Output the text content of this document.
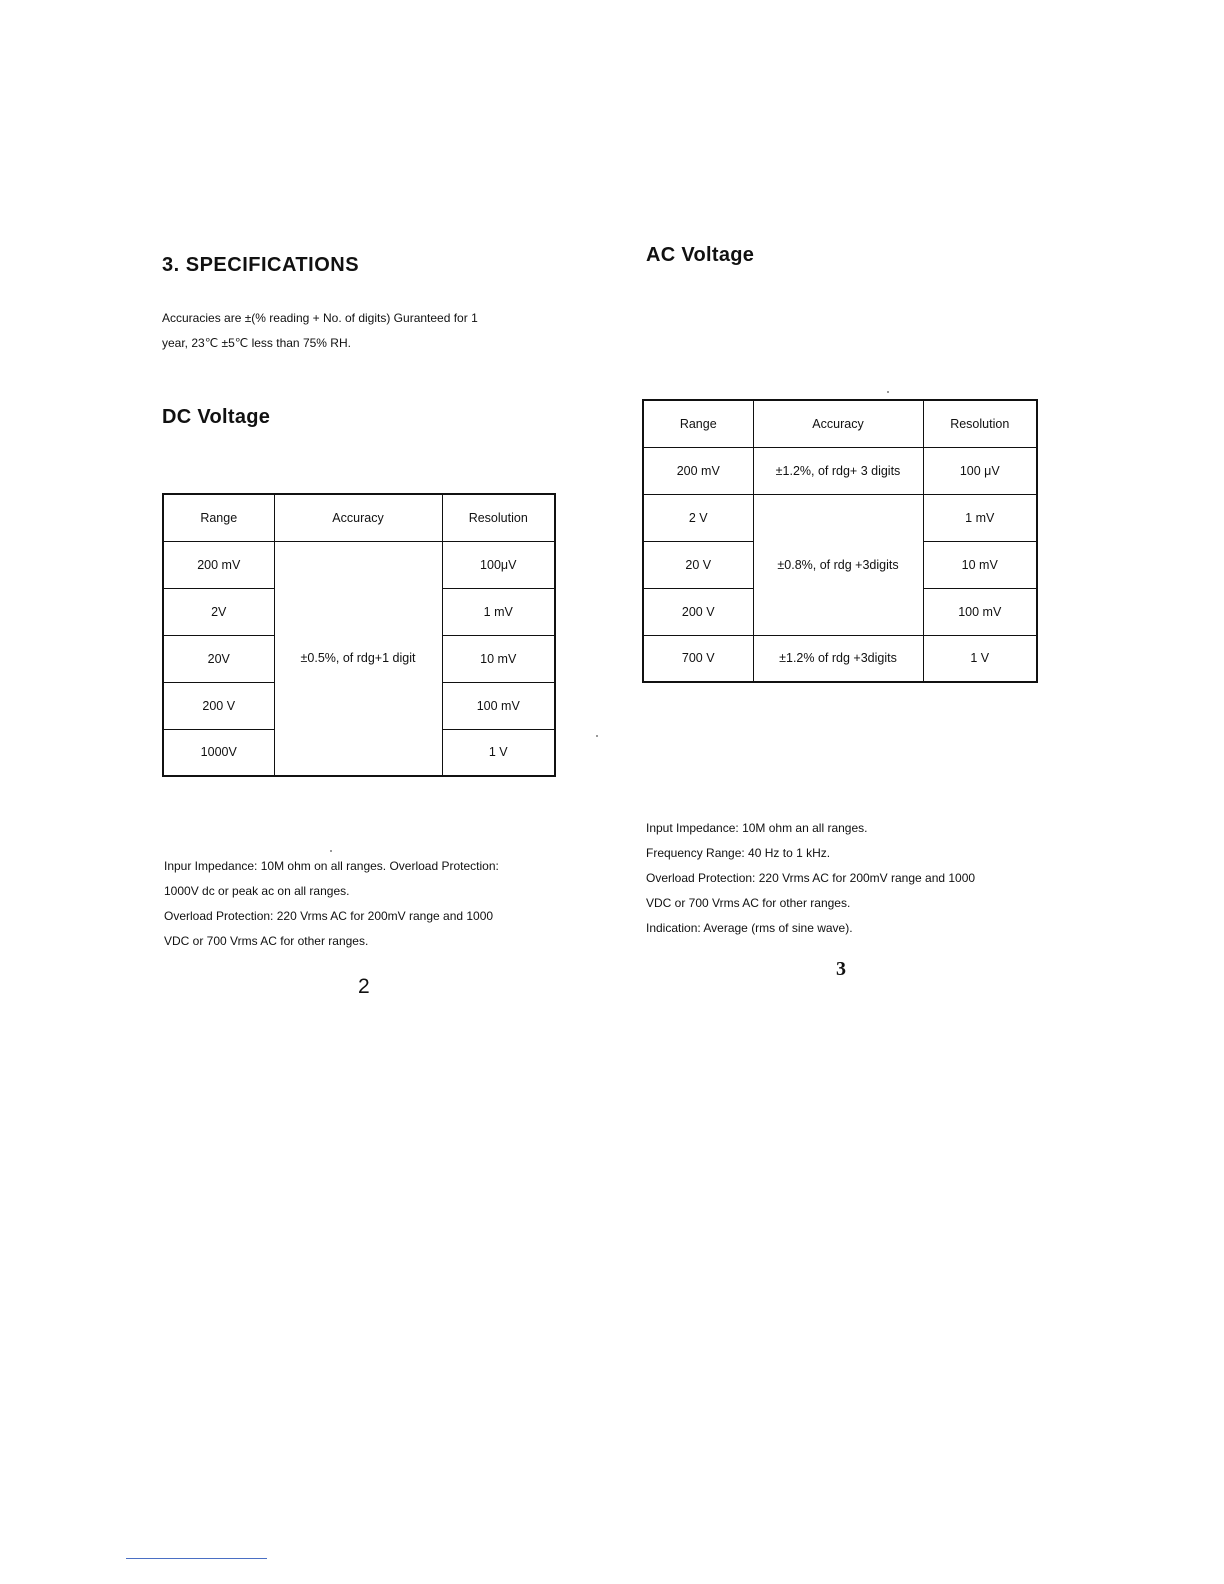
3. SPECIFICATIONS
Accuracies are ±(% reading + No. of digits) Guranteed for 1
year, 23℃ ±5℃ less than 75% RH.
DC Voltage
Range	Accuracy	Resolution
200 mV	±0.5%, of rdg+1 digit	100μV
2V		1 mV
20V		10 mV
200 V		100 mV
1000V		1 V
Inpur Impedance: 10M ohm on all ranges. Overload Protection:
1000V dc or peak ac on all ranges.
Overload Protection: 220 Vrms AC for 200mV range and 1000
VDC or 700 Vrms AC for other ranges.
2
AC Voltage
Range	Accuracy	Resolution
200 mV	±1.2%, of rdg+ 3 digits	100 μV
2 V	±0.8%, of rdg +3digits	1 mV
20 V		10 mV
200 V		100 mV
700 V	±1.2% of rdg +3digits	1 V
Input Impedance: 10M ohm an all ranges.
Frequency Range: 40 Hz to 1 kHz.
Overload Protection: 220 Vrms AC for 200mV range and 1000
VDC or 700 Vrms AC for other ranges.
Indication: Average (rms of sine wave).
3
